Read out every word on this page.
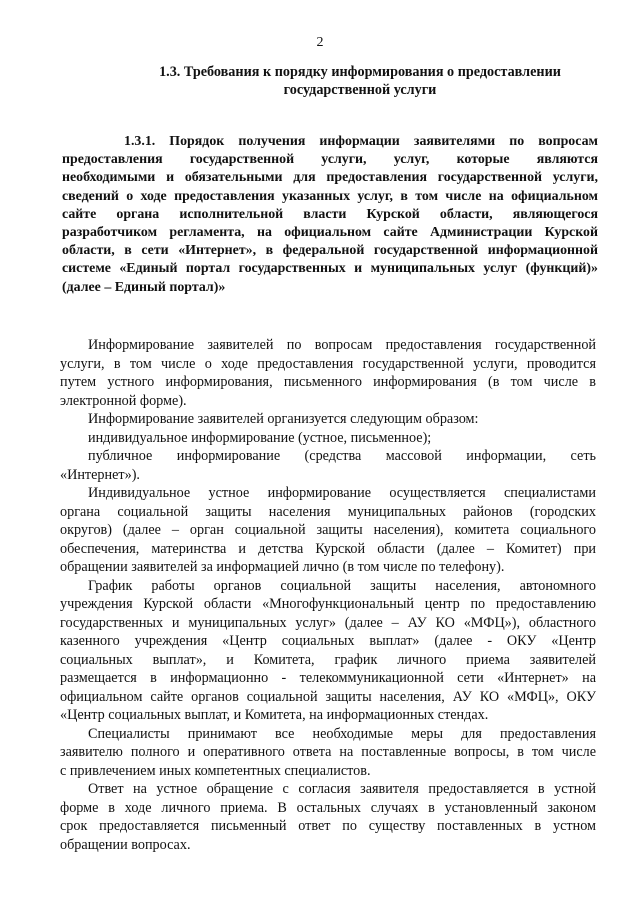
2
1.3. Требования к порядку информирования о предоставлении
государственной услуги
1.3.1. Порядок получения информации заявителями по вопросам
предоставления государственной услуги, услуг, которые являются
необходимыми и обязательными для предоставления государственной услуги,
сведений о ходе предоставления указанных услуг, в том числе на официальном
сайте органа исполнительной власти Курской области, являющегося
разработчиком регламента, на официальном сайте Администрации Курской
области, в сети «Интернет», в федеральной государственной информационной
системе «Единый портал государственных и муниципальных услуг (функций)»
(далее – Единый портал)»

Информирование заявителей по вопросам предоставления государственной
услуги, в том числе о ходе предоставления государственной услуги, проводится
путем устного информирования, письменного информирования (в том числе в
электронной форме).

Информирование заявителей организуется следующим образом:

индивидуальное информирование (устное, письменное);

публичное информирование (средства массовой информации, сеть
«Интернет»).

Индивидуальное устное информирование осуществляется специалистами
органа социальной защиты населения муниципальных районов (городских
округов) (далее – орган социальной защиты населения), комитета социального
обеспечения, материнства и детства Курской области (далее – Комитет) при
обращении заявителей за информацией лично (в том числе по телефону).

График работы органов социальной защиты населения, автономного
учреждения Курской области «Многофункциональный центр по предоставлению
государственных и муниципальных услуг» (далее – АУ КО «МФЦ»), областного
казенного учреждения «Центр социальных выплат» (далее - ОКУ «Центр
социальных выплат», и Комитета, график личного приема заявителей
размещается в информационно - телекоммуникационной сети «Интернет» на
официальном сайте органов социальной защиты населения, АУ КО «МФЦ», ОКУ
«Центр социальных выплат, и Комитета, на информационных стендах.

Специалисты принимают все необходимые меры для предоставления
заявителю полного и оперативного ответа на поставленные вопросы, в том числе
с привлечением иных компетентных специалистов.

Ответ на устное обращение с согласия заявителя предоставляется в устной
форме в ходе личного приема. В остальных случаях в установленный законом
срок предоставляется письменный ответ по существу поставленных в устном
обращении вопросах.
